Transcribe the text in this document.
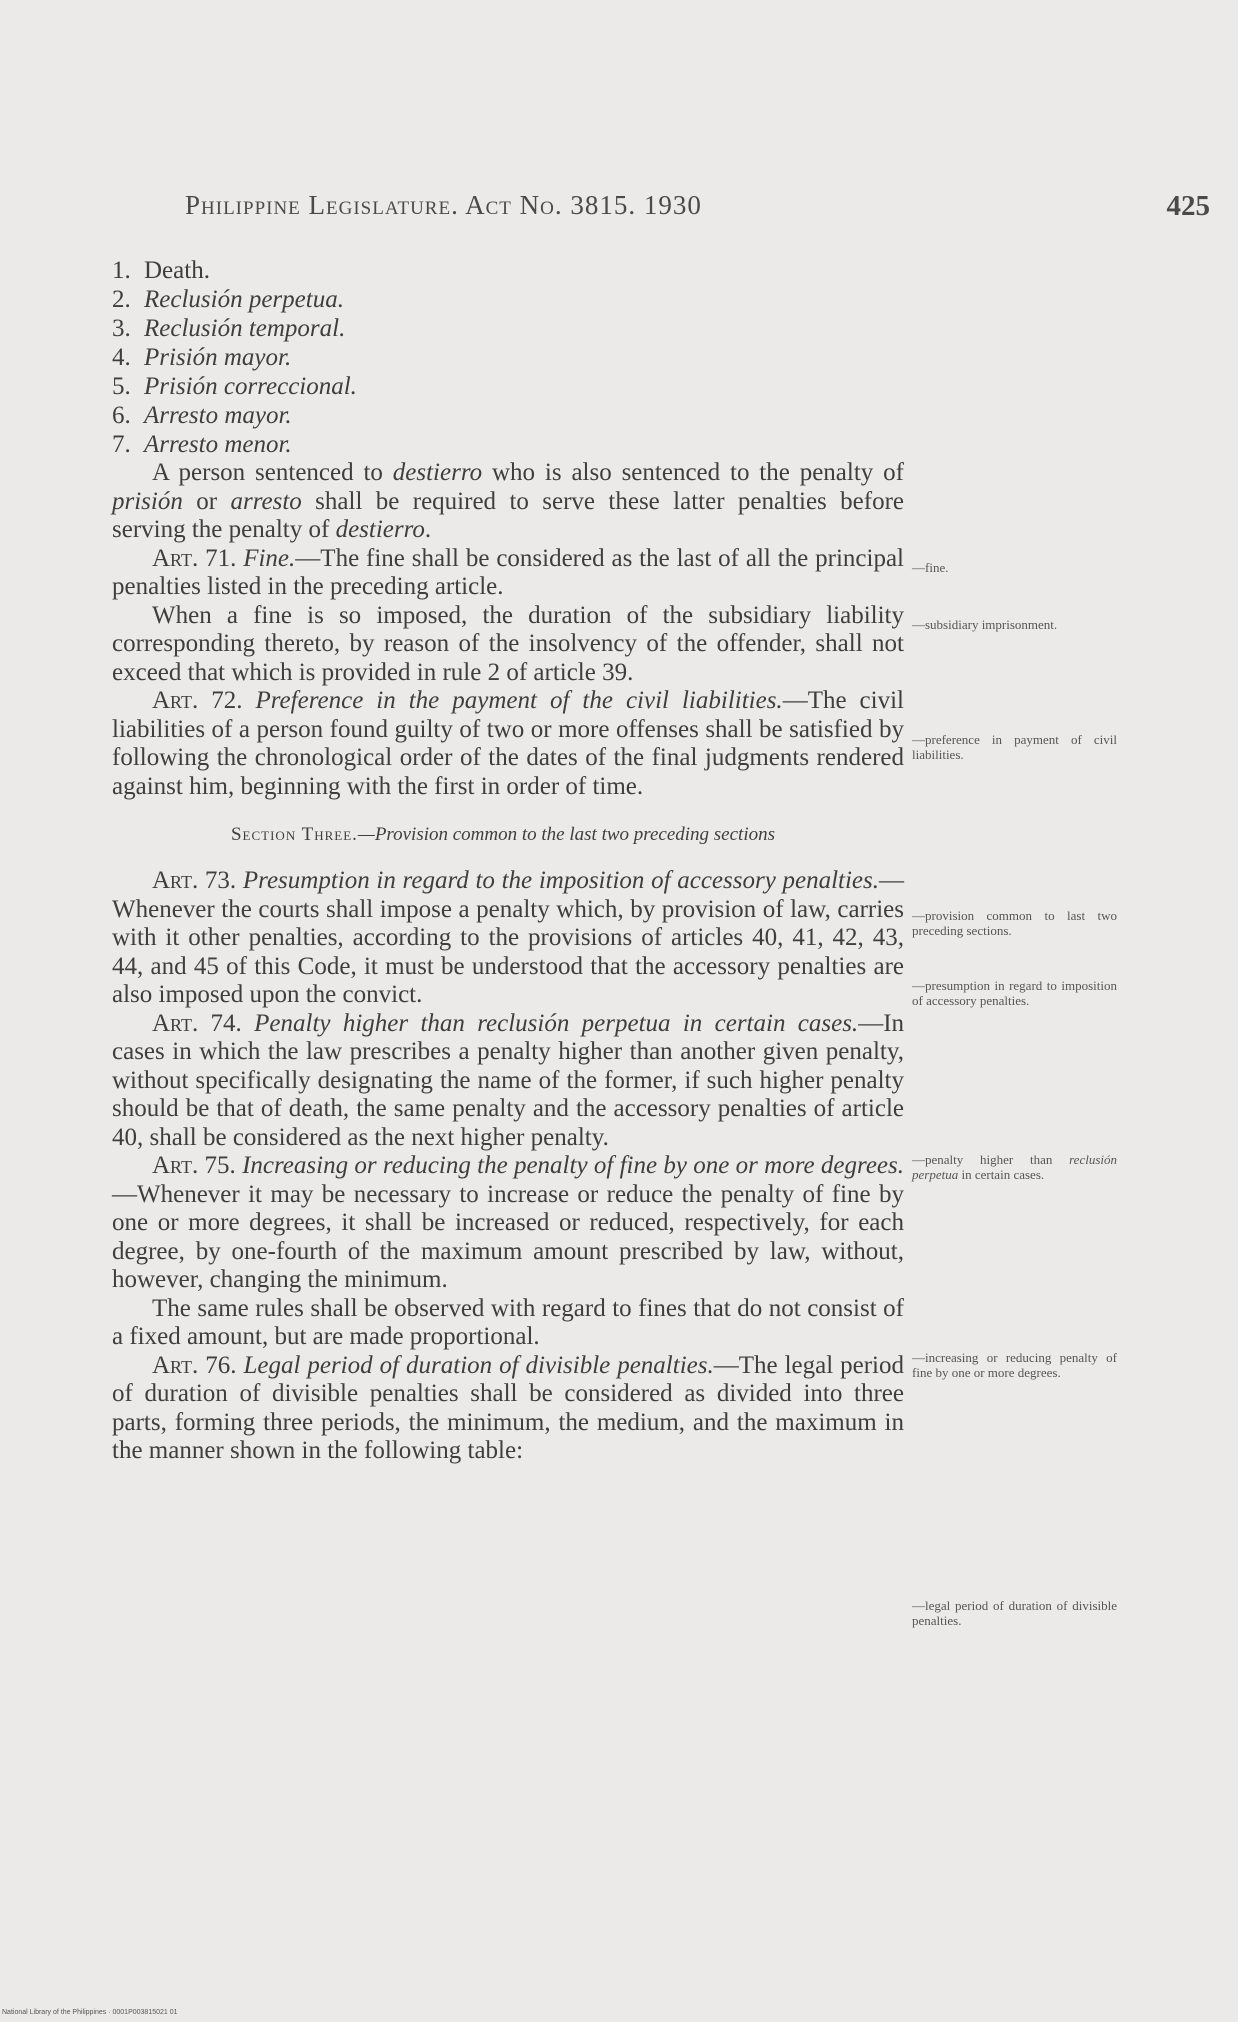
Philippine Legislature. Act No. 3815. 1930	425

1. Death.

2. Reclusión perpetua.

3. Reclusión temporal.

4. Prisión mayor.

5. Prisión correccional.

6. Arresto mayor.

7. Arresto menor.

A person sentenced to destierro who is also sentenced to the penalty of prisión or arresto shall be required to serve these latter penalties before serving the penalty of destierro.

Art. 71. Fine.—The fine shall be considered as the last of all the principal penalties listed in the preceding article.

When a fine is so imposed, the duration of the subsidiary liability corresponding thereto, by reason of the insolvency of the offender, shall not exceed that which is provided in rule 2 of article 39.

Art. 72. Preference in the payment of the civil liabilities.—The civil liabilities of a person found guilty of two or more offenses shall be satisfied by following the chronological order of the dates of the final judgments rendered against him, beginning with the first in order of time.

Section Three.—Provision common to the last two preceding sections

Art. 73. Presumption in regard to the imposition of accessory penalties.—Whenever the courts shall impose a penalty which, by provision of law, carries with it other penalties, according to the provisions of articles 40, 41, 42, 43, 44, and 45 of this Code, it must be understood that the accessory penalties are also imposed upon the convict.

Art. 74. Penalty higher than reclusión perpetua in certain cases.—In cases in which the law prescribes a penalty higher than another given penalty, without specifically designating the name of the former, if such higher penalty should be that of death, the same penalty and the accessory penalties of article 40, shall be considered as the next higher penalty.

Art. 75. Increasing or reducing the penalty of fine by one or more degrees.—Whenever it may be necessary to increase or reduce the penalty of fine by one or more degrees, it shall be increased or reduced, respectively, for each degree, by one-fourth of the maximum amount prescribed by law, without, however, changing the minimum.

The same rules shall be observed with regard to fines that do not consist of a fixed amount, but are made proportional.

Art. 76. Legal period of duration of divisible penalties.—The legal period of duration of divisible penalties shall be considered as divided into three parts, forming three periods, the minimum, the medium, and the maximum in the manner shown in the following table:

—fine.
—subsidiary imprisonment.
—preference in payment of civil liabilities.
—provision common to last two preceding sections.
—presumption in regard to imposition of accessory penalties.
—penalty higher than reclusión perpetua in certain cases.
—increasing or reducing penalty of fine by one or more degrees.
—legal period of duration of divisible penalties.
National Library of the Philippines · 0001P003815021 01
